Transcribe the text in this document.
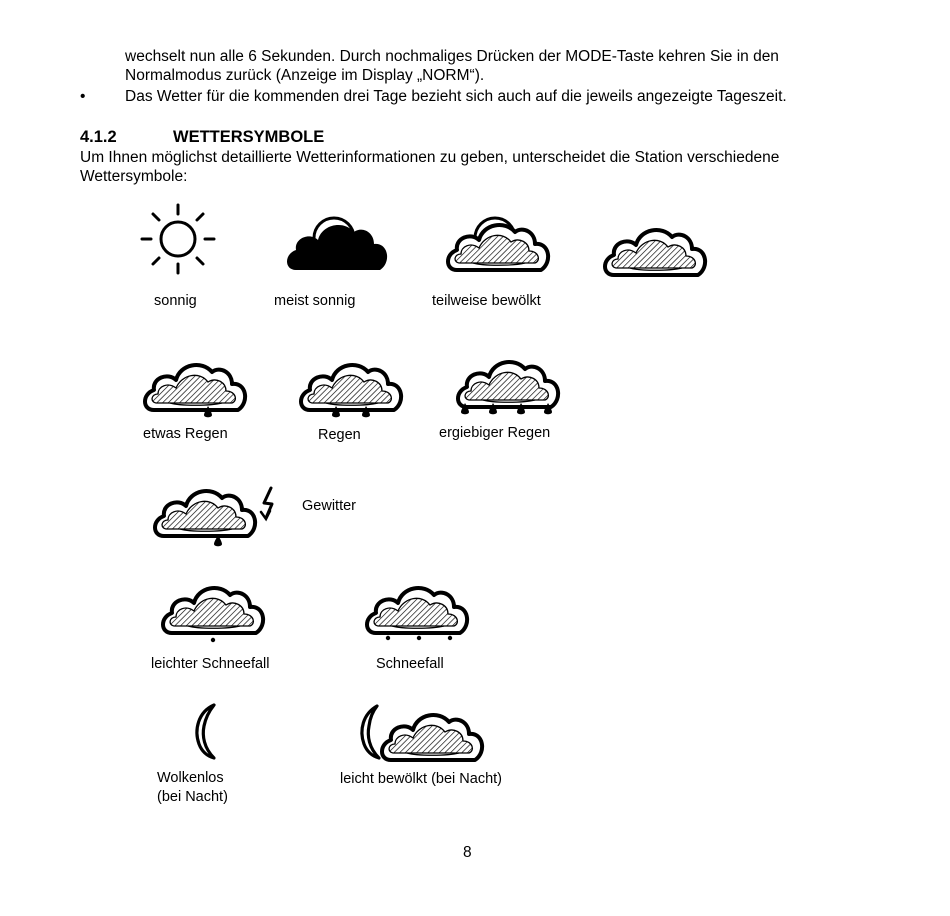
wechselt nun alle 6 Sekunden. Durch nochmaliges Drücken der MODE-Taste kehren Sie in den
Normalmodus zurück (Anzeige im Display „NORM“).
•	Das Wetter für die kommenden drei Tage bezieht sich auch auf die jeweils angezeigte Tageszeit.
4.1.2	WETTERSYMBOLE
Um Ihnen möglichst detaillierte Wetterinformationen zu geben, unterscheidet die Station verschiedene
Wettersymbole:
sonnig	meist sonnig	teilweise bewölkt
etwas Regen	Regen	ergiebiger Regen
Gewitter
leichter Schneefall	Schneefall
Wolkenlos
(bei Nacht)
leicht bewölkt (bei Nacht)
8
